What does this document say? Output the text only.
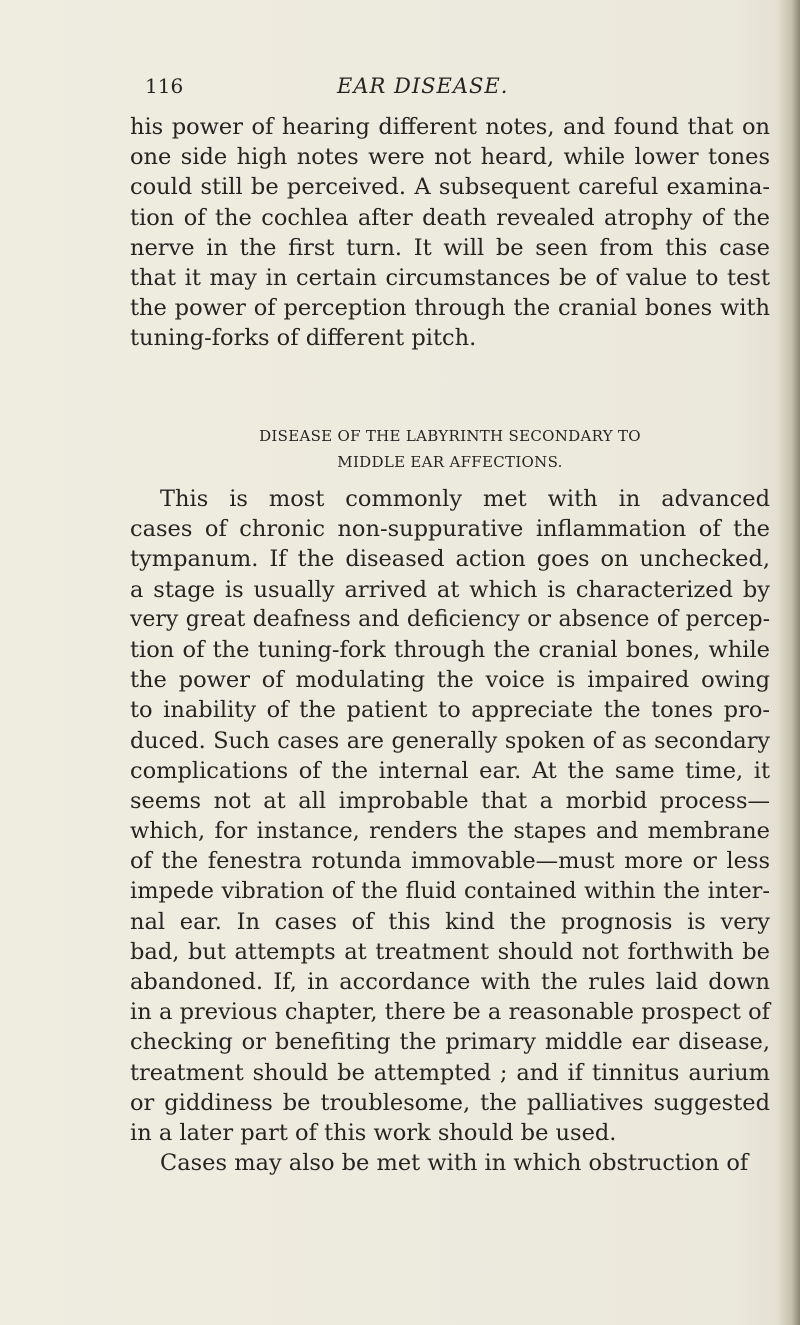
116	EAR DISEASE.
his power of hearing different notes, and found that on
one side high notes were not heard, while lower tones
could still be perceived. A subsequent careful examina-
tion of the cochlea after death revealed atrophy of the
nerve in the first turn. It will be seen from this case
that it may in certain circumstances be of value to test
the power of perception through the cranial bones with
tuning-forks of different pitch.
DISEASE OF THE LABYRINTH SECONDARY TO
MIDDLE EAR AFFECTIONS.
This is most commonly met with in advanced
cases of chronic non-suppurative inflammation of the
tympanum. If the diseased action goes on unchecked,
a stage is usually arrived at which is characterized by
very great deafness and deficiency or absence of percep-
tion of the tuning-fork through the cranial bones, while
the power of modulating the voice is impaired owing
to inability of the patient to appreciate the tones pro-
duced. Such cases are generally spoken of as secondary
complications of the internal ear. At the same time, it
seems not at all improbable that a morbid process—
which, for instance, renders the stapes and membrane
of the fenestra rotunda immovable—must more or less
impede vibration of the fluid contained within the inter-
nal ear. In cases of this kind the prognosis is very
bad, but attempts at treatment should not forthwith be
abandoned. If, in accordance with the rules laid down
in a previous chapter, there be a reasonable prospect of
checking or benefiting the primary middle ear disease,
treatment should be attempted ; and if tinnitus aurium
or giddiness be troublesome, the palliatives suggested
in a later part of this work should be used.
Cases may also be met with in which obstruction of
